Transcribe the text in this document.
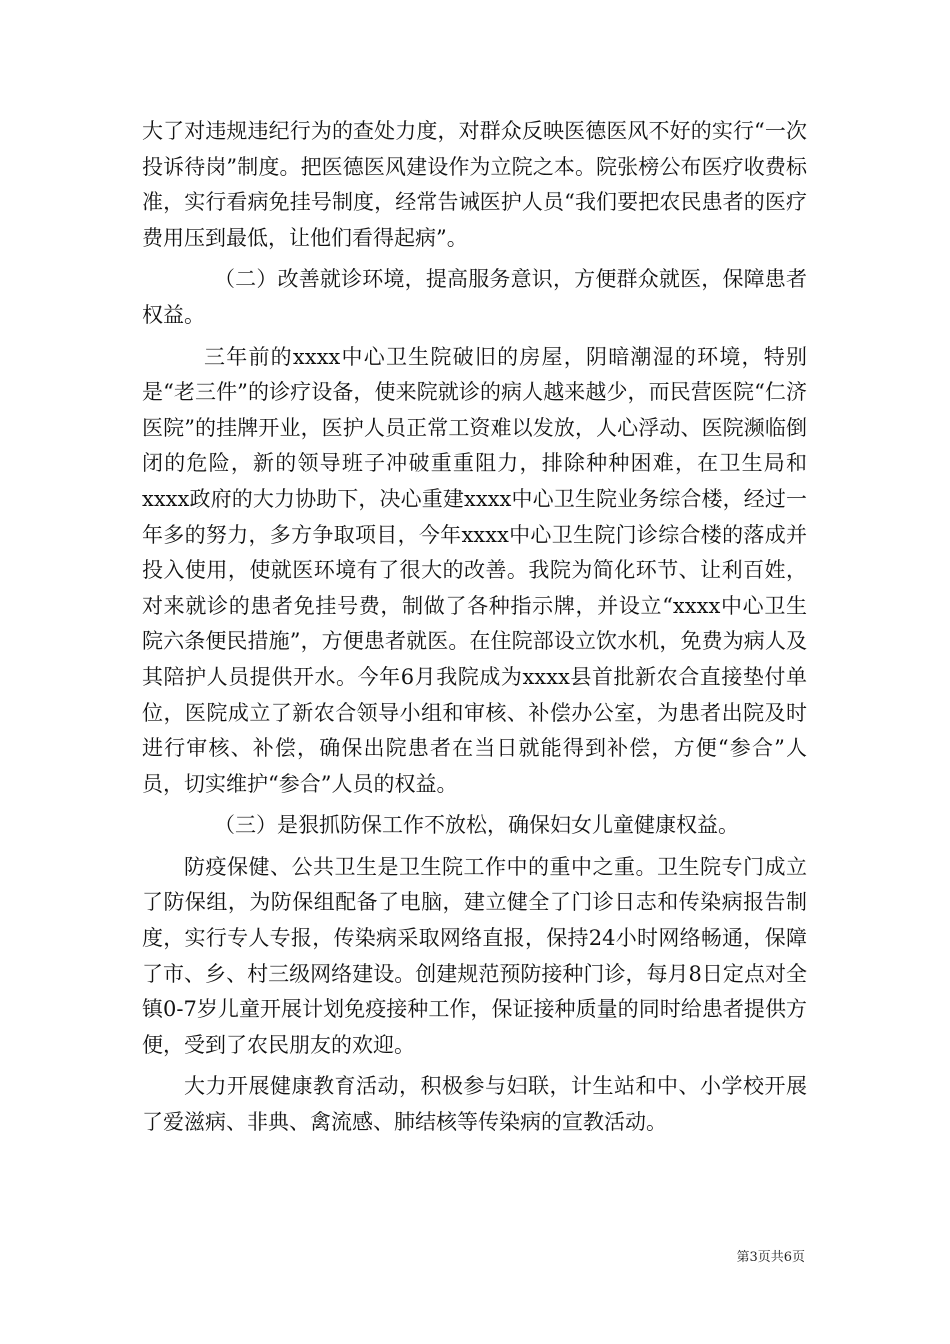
大了对违规违纪行为的查处力度，对群众反映医德医风不好的实行“一次投诉待岗”制度。把医德医风建设作为立院之本。院张榜公布医疗收费标准，实行看病免挂号制度，经常告诫医护人员“我们要把农民患者的医疗费用压到最低，让他们看得起病”。

（二）改善就诊环境，提高服务意识，方便群众就医，保障患者权益。

三年前的xxxx中心卫生院破旧的房屋，阴暗潮湿的环境，特别是“老三件”的诊疗设备，使来院就诊的病人越来越少，而民营医院“仁济医院”的挂牌开业，医护人员正常工资难以发放，人心浮动、医院濒临倒闭的危险，新的领导班子冲破重重阻力，排除种种困难，在卫生局和xxxx政府的大力协助下，决心重建xxxx中心卫生院业务综合楼，经过一年多的努力，多方争取项目，今年xxxx中心卫生院门诊综合楼的落成并投入使用，使就医环境有了很大的改善。我院为简化环节、让利百姓，对来就诊的患者免挂号费，制做了各种指示牌，并设立“xxxx中心卫生院六条便民措施”，方便患者就医。在住院部设立饮水机，免费为病人及其陪护人员提供开水。今年6月我院成为xxxx县首批新农合直接垫付单位，医院成立了新农合领导小组和审核、补偿办公室，为患者出院及时进行审核、补偿，确保出院患者在当日就能得到补偿，方便“参合”人员，切实维护“参合”人员的权益。

（三）是狠抓防保工作不放松，确保妇女儿童健康权益。

防疫保健、公共卫生是卫生院工作中的重中之重。卫生院专门成立了防保组，为防保组配备了电脑，建立健全了门诊日志和传染病报告制度，实行专人专报，传染病采取网络直报，保持24小时网络畅通，保障了市、乡、村三级网络建设。创建规范预防接种门诊，每月8日定点对全镇0-7岁儿童开展计划免疫接种工作，保证接种质量的同时给患者提供方便，受到了农民朋友的欢迎。

大力开展健康教育活动，积极参与妇联，计生站和中、小学校开展了爱滋病、非典、禽流感、肺结核等传染病的宣教活动。

第3页共6页
